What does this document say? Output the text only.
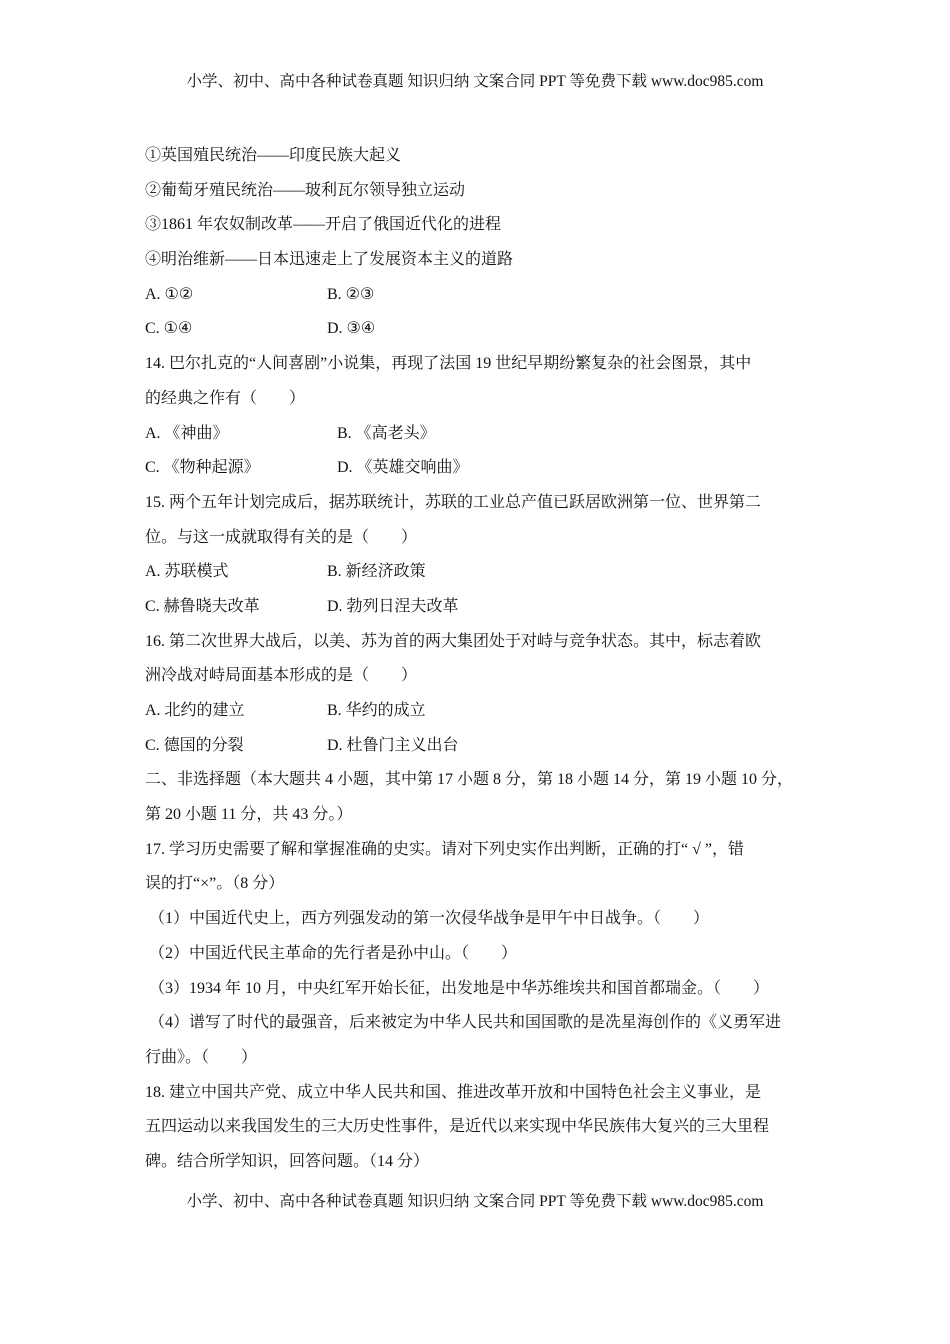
小学、初中、高中各种试卷真题 知识归纳 文案合同 PPT 等免费下载 www.doc985.com
①英国殖民统治——印度民族大起义
②葡萄牙殖民统治——玻利瓦尔领导独立运动
③1861 年农奴制改革——开启了俄国近代化的进程
④明治维新——日本迅速走上了发展资本主义的道路
A. ①②	B. ②③
C. ①④	D. ③④
14. 巴尔扎克的“人间喜剧”小说集，再现了法国 19 世纪早期纷繁复杂的社会图景，其中
的经典之作有（　　）
A. 《神曲》	B. 《高老头》
C. 《物种起源》	D. 《英雄交响曲》
15. 两个五年计划完成后，据苏联统计，苏联的工业总产值已跃居欧洲第一位、世界第二
位。与这一成就取得有关的是（　　）
A. 苏联模式	B. 新经济政策
C. 赫鲁晓夫改革	D. 勃列日涅夫改革
16. 第二次世界大战后，以美、苏为首的两大集团处于对峙与竞争状态。其中，标志着欧
洲冷战对峙局面基本形成的是（　　）
A. 北约的建立	B. 华约的成立
C. 德国的分裂	D. 杜鲁门主义出台
二、非选择题（本大题共 4 小题，其中第 17 小题 8 分，第 18 小题 14 分，第 19 小题 10 分，
第 20 小题 11 分，共 43 分。）
17. 学习历史需要了解和掌握准确的史实。请对下列史实作出判断，正确的打“ √ ”，错
误的打“×”。（8 分）
（1）中国近代史上，西方列强发动的第一次侵华战争是甲午中日战争。（　　）
（2）中国近代民主革命的先行者是孙中山。（　　）
（3）1934 年 10 月，中央红军开始长征，出发地是中华苏维埃共和国首都瑞金。（　　）
（4）谱写了时代的最强音，后来被定为中华人民共和国国歌的是冼星海创作的《义勇军进
行曲》。（　　）
18. 建立中国共产党、成立中华人民共和国、推进改革开放和中国特色社会主义事业，是
五四运动以来我国发生的三大历史性事件，是近代以来实现中华民族伟大复兴的三大里程
碑。结合所学知识，回答问题。（14 分）
小学、初中、高中各种试卷真题 知识归纳 文案合同 PPT 等免费下载 www.doc985.com
